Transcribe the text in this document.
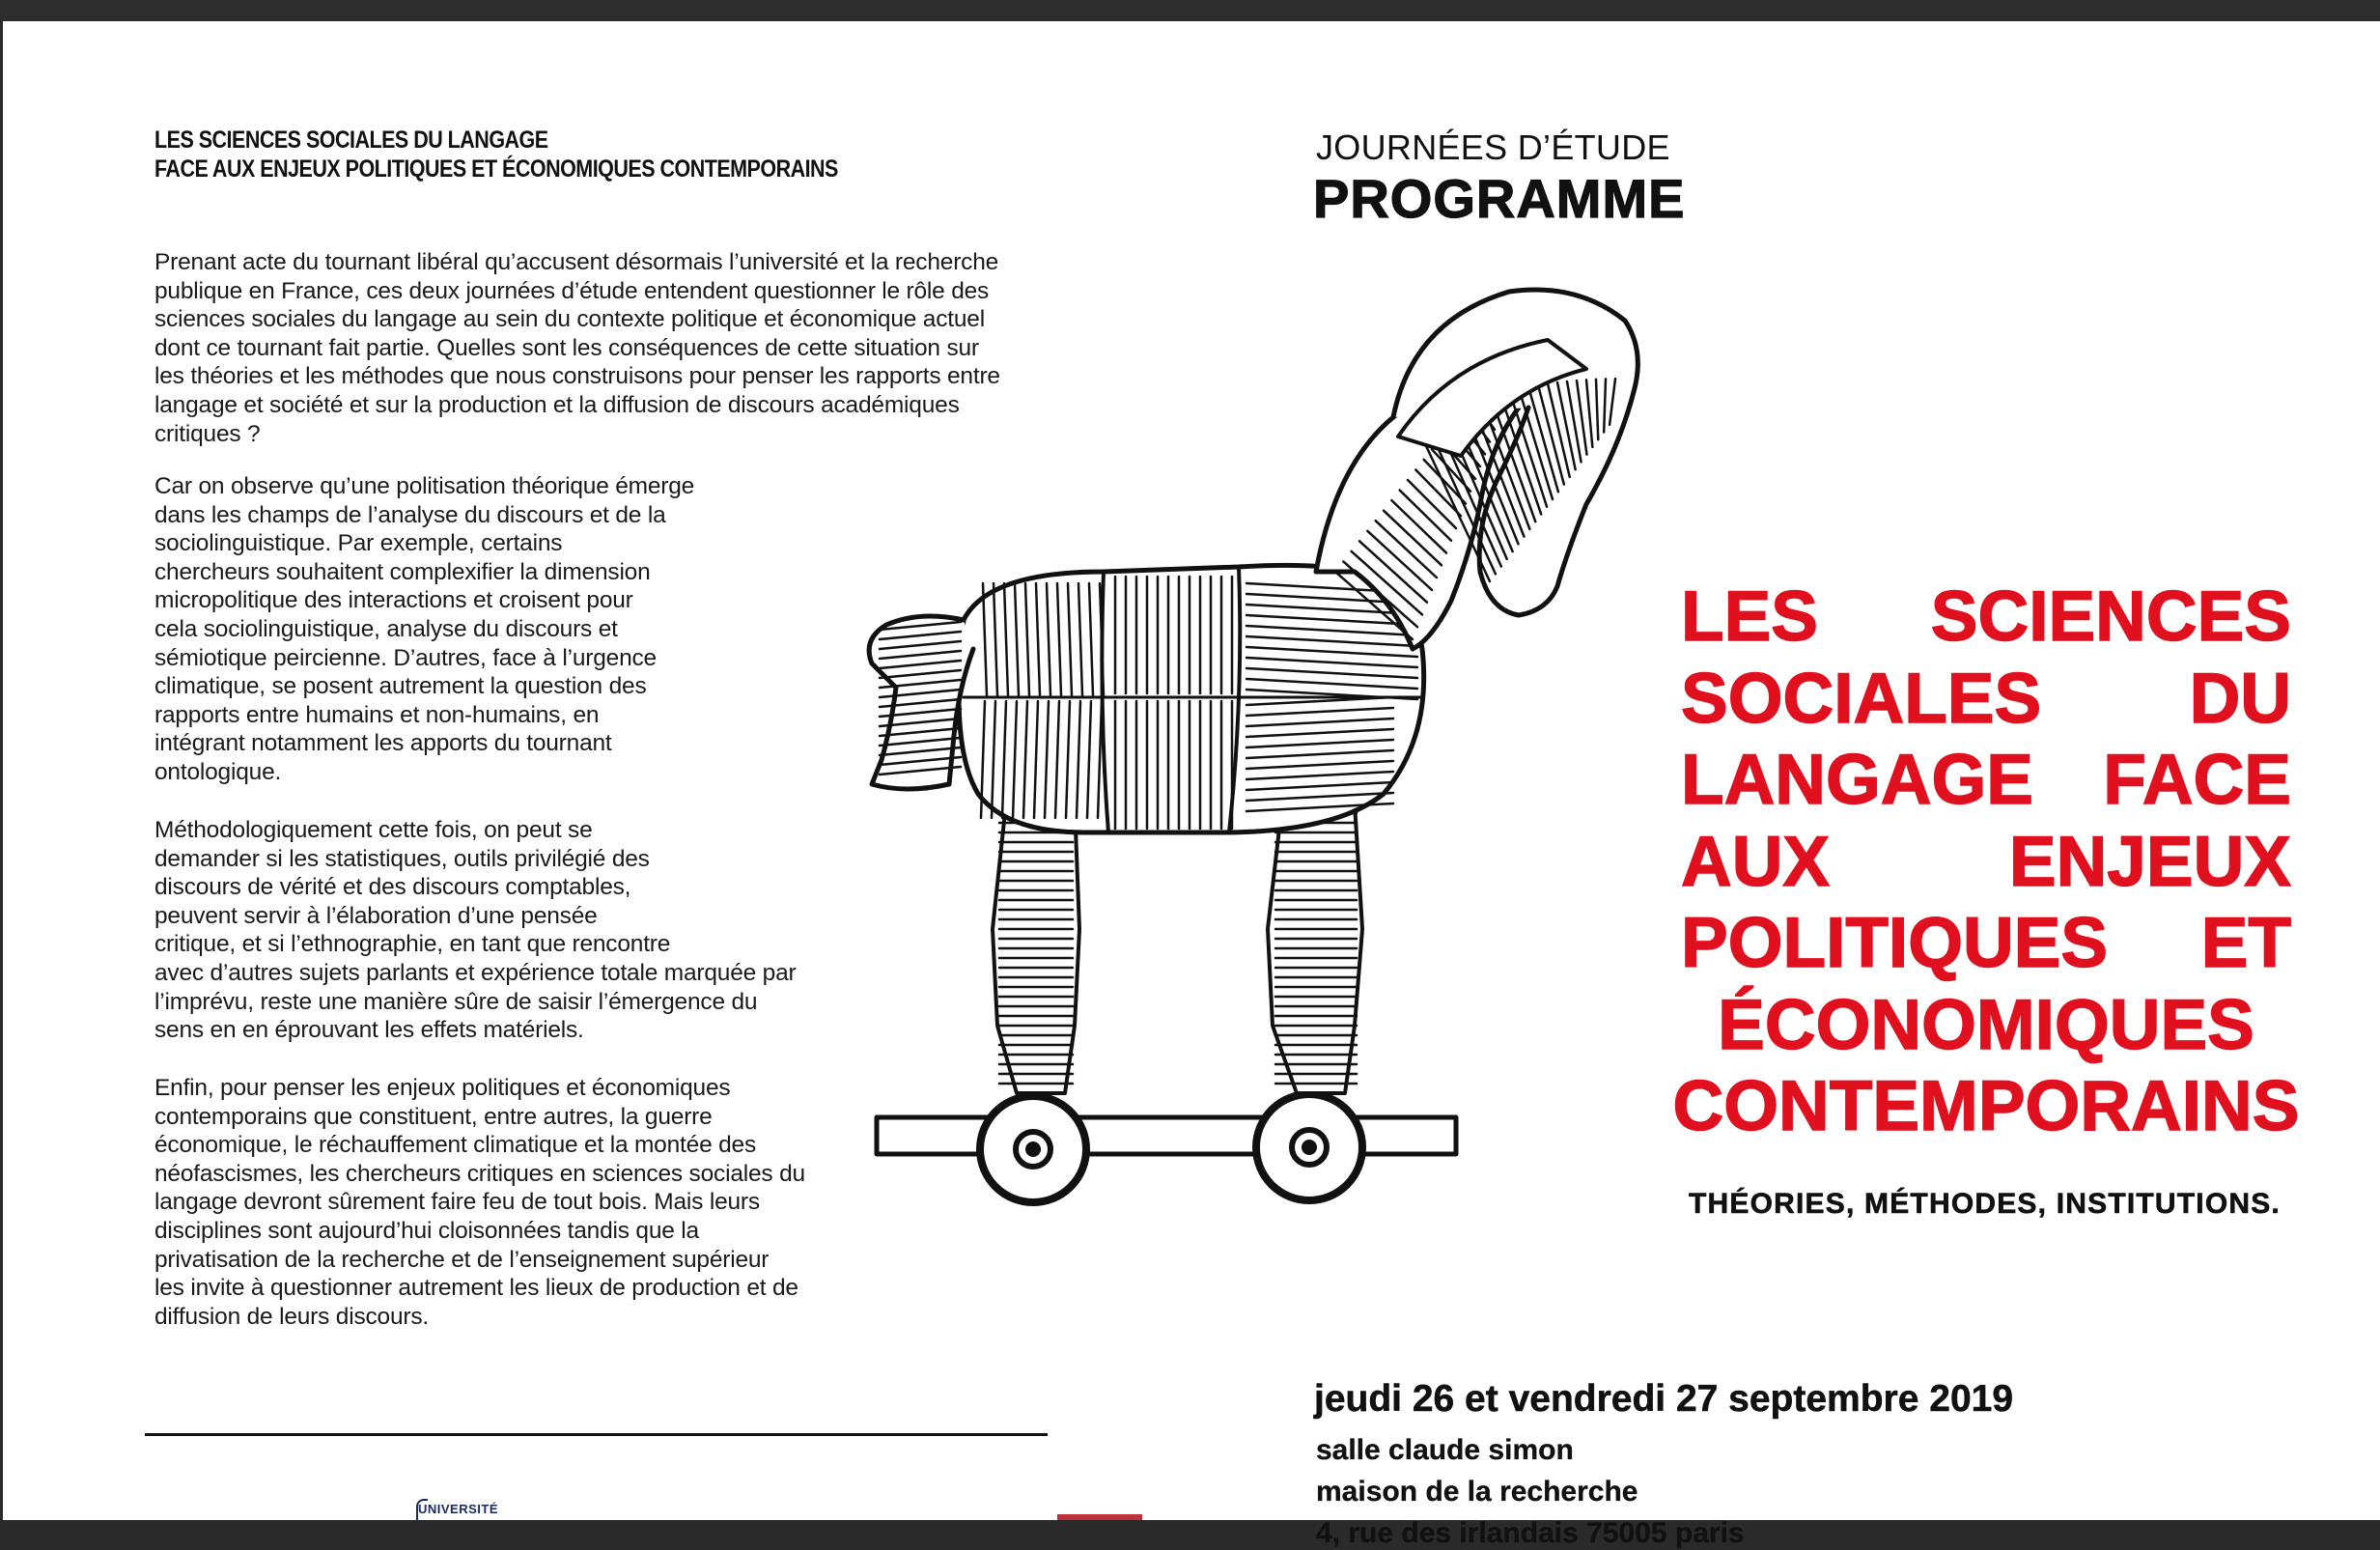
LES SCIENCES SOCIALES DU LANGAGE
FACE AUX ENJEUX POLITIQUES ET ÉCONOMIQUES CONTEMPORAINS
Prenant acte du tournant libéral qu’accusent désormais l’université et la recherche
publique en France, ces deux journées d’étude entendent questionner le rôle des
sciences sociales du langage au sein du contexte politique et économique actuel
dont ce tournant fait partie. Quelles sont les conséquences de cette situation sur
les théories et les méthodes que nous construisons pour penser les rapports entre
langage et société et sur la production et la diffusion de discours académiques
critiques ?
Car on observe qu’une politisation théorique émerge
dans les champs de l’analyse du discours et de la
sociolinguistique. Par exemple, certains
chercheurs souhaitent complexifier la dimension
micropolitique des interactions et croisent pour
cela sociolinguistique, analyse du discours et
sémiotique peircienne. D’autres, face à l’urgence
climatique, se posent autrement la question des
rapports entre humains et non-humains, en
intégrant notamment les apports du tournant
ontologique.
Méthodologiquement cette fois, on peut se
demander si les statistiques, outils privilégié des
discours de vérité et des discours comptables,
peuvent servir à l’élaboration d’une pensée
critique, et si l’ethnographie, en tant que rencontre
avec d’autres sujets parlants et expérience totale marquée par
l’imprévu, reste une manière sûre de saisir l’émergence du
sens en en éprouvant les effets matériels.
Enfin, pour penser les enjeux politiques et économiques
contemporains que constituent, entre autres, la guerre
économique, le réchauffement climatique et la montée des
néofascismes, les chercheurs critiques en sciences sociales du
langage devront sûrement faire feu de tout bois. Mais leurs
disciplines sont aujourd’hui cloisonnées tandis que la
privatisation de la recherche et de l’enseignement supérieur
les invite à questionner autrement les lieux de production et de
diffusion de leurs discours.
UNIVERSITÉ
JOURNÉES D’ÉTUDE
PROGRAMME
LES SCIENCES
SOCIALES DU
LANGAGE FACE
AUX	ENJEUX
POLITIQUES ET
ÉCONOMIQUES
CONTEMPORAINS
THÉORIES, MÉTHODES, INSTITUTIONS.
jeudi 26 et vendredi 27 septembre 2019
salle claude simon
maison de la recherche
4, rue des irlandais 75005 paris
